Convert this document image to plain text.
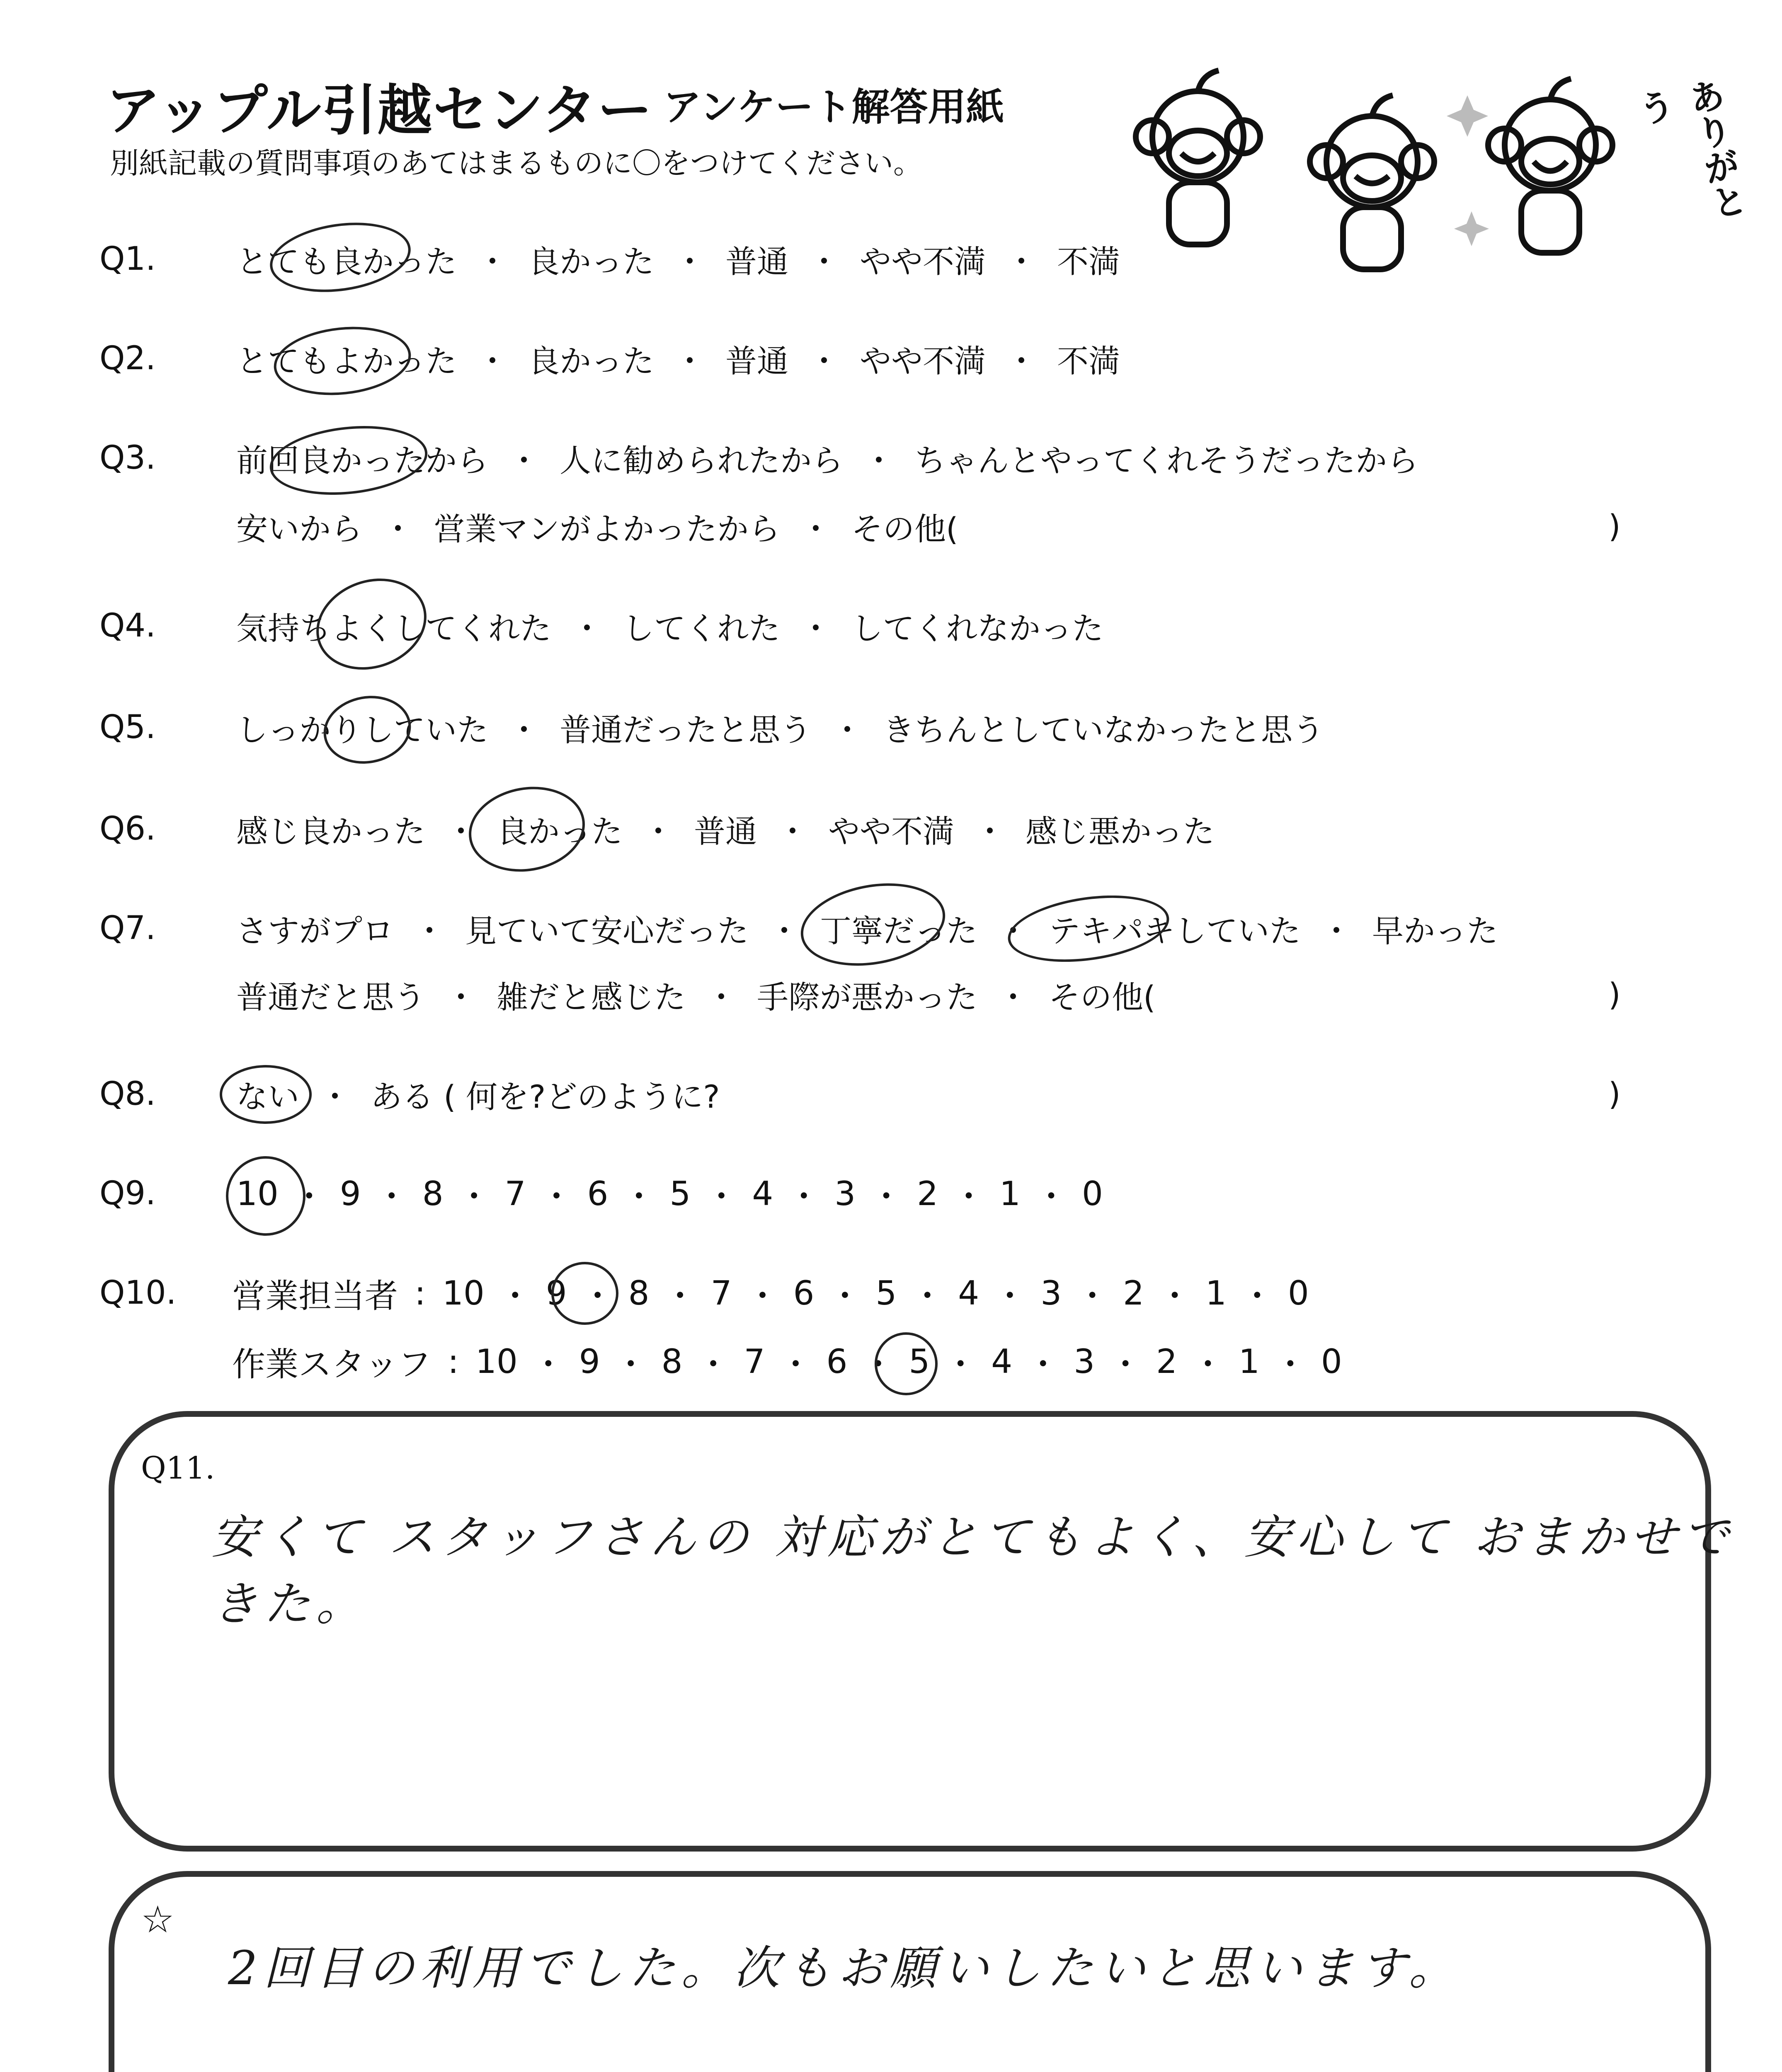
アップル引越センター アンケート解答用紙
別紙記載の質問事項のあてはまるものに〇をつけてください。	ありがとう
Q1.	とても良かった ・ 良かった ・ 普通 ・ やや不満 ・ 不満
Q2.	とてもよかった ・ 良かった ・ 普通 ・ やや不満 ・ 不満
Q3.	前回良かったから ・ 人に勧められたから ・ ちゃんとやってくれそうだったから
安いから ・ 営業マンがよかったから ・ その他(	)
Q4.	気持ちよくしてくれた ・ してくれた ・ してくれなかった
Q5.	しっかりしていた ・ 普通だったと思う ・ きちんとしていなかったと思う
Q6.	感じ良かった ・ 良かった ・ 普通 ・ やや不満 ・ 感じ悪かった
Q7.	さすがプロ ・ 見ていて安心だった ・ 丁寧だった ・ テキパキしていた ・ 早かった
普通だと思う ・ 雑だと感じた ・ 手際が悪かった ・ その他(	)
Q8.	ない ・ ある ( 何を?どのように?	)
Q9.	10 ・ 9 ・ 8 ・ 7 ・ 6 ・ 5 ・ 4 ・ 3 ・ 2 ・ 1 ・ 0
Q10.	営業担当者 : 10 ・ 9 ・ 8 ・ 7 ・ 6 ・ 5 ・ 4 ・ 3 ・ 2 ・ 1 ・ 0
作業スタッフ : 10 ・ 9 ・ 8 ・ 7 ・ 6 ・ 5 ・ 4 ・ 3 ・ 2 ・ 1 ・ 0
Q11.
安くて スタッフさんの 対応がとてもよく、安心して おまかせできた。
☆
2回目の利用でした。次もお願いしたいと思います。
